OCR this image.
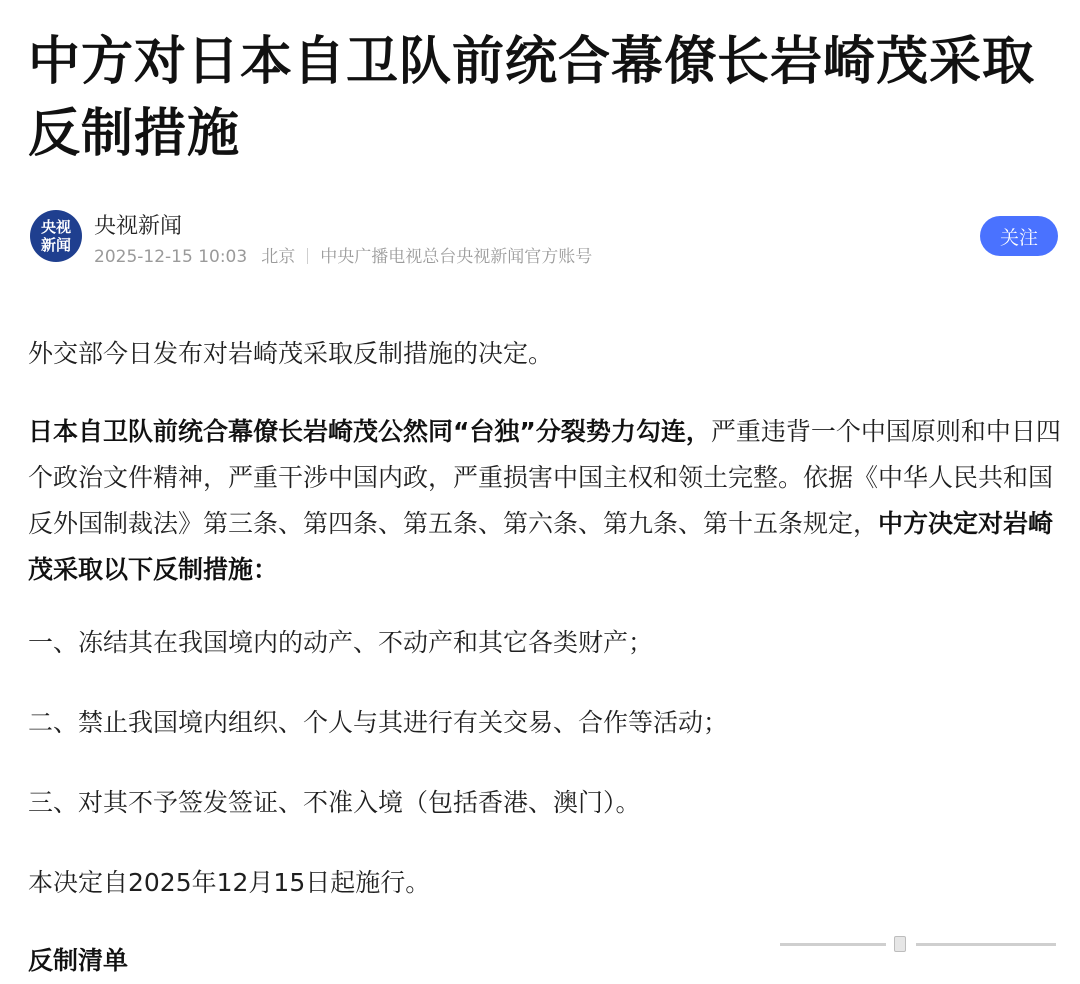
中方对日本自卫队前统合幕僚长岩崎茂采取反制措施
央视
新闻
央视新闻
2025-12-15 10:03 北京 中央广播电视总台央视新闻官方账号
关注

外交部今日发布对岩崎茂采取反制措施的决定。

日本自卫队前统合幕僚长岩崎茂公然同“台独”分裂势力勾连，严重违背一个中国原则和中日四个政治文件精神，严重干涉中国内政，严重损害中国主权和领土完整。依据《中华人民共和国反外国制裁法》第三条、第四条、第五条、第六条、第九条、第十五条规定，中方决定对岩崎茂采取以下反制措施：

一、冻结其在我国境内的动产、不动产和其它各类财产；

二、禁止我国境内组织、个人与其进行有关交易、合作等活动；

三、对其不予签发签证、不准入境（包括香港、澳门）。

本决定自2025年12月15日起施行。

反制清单
